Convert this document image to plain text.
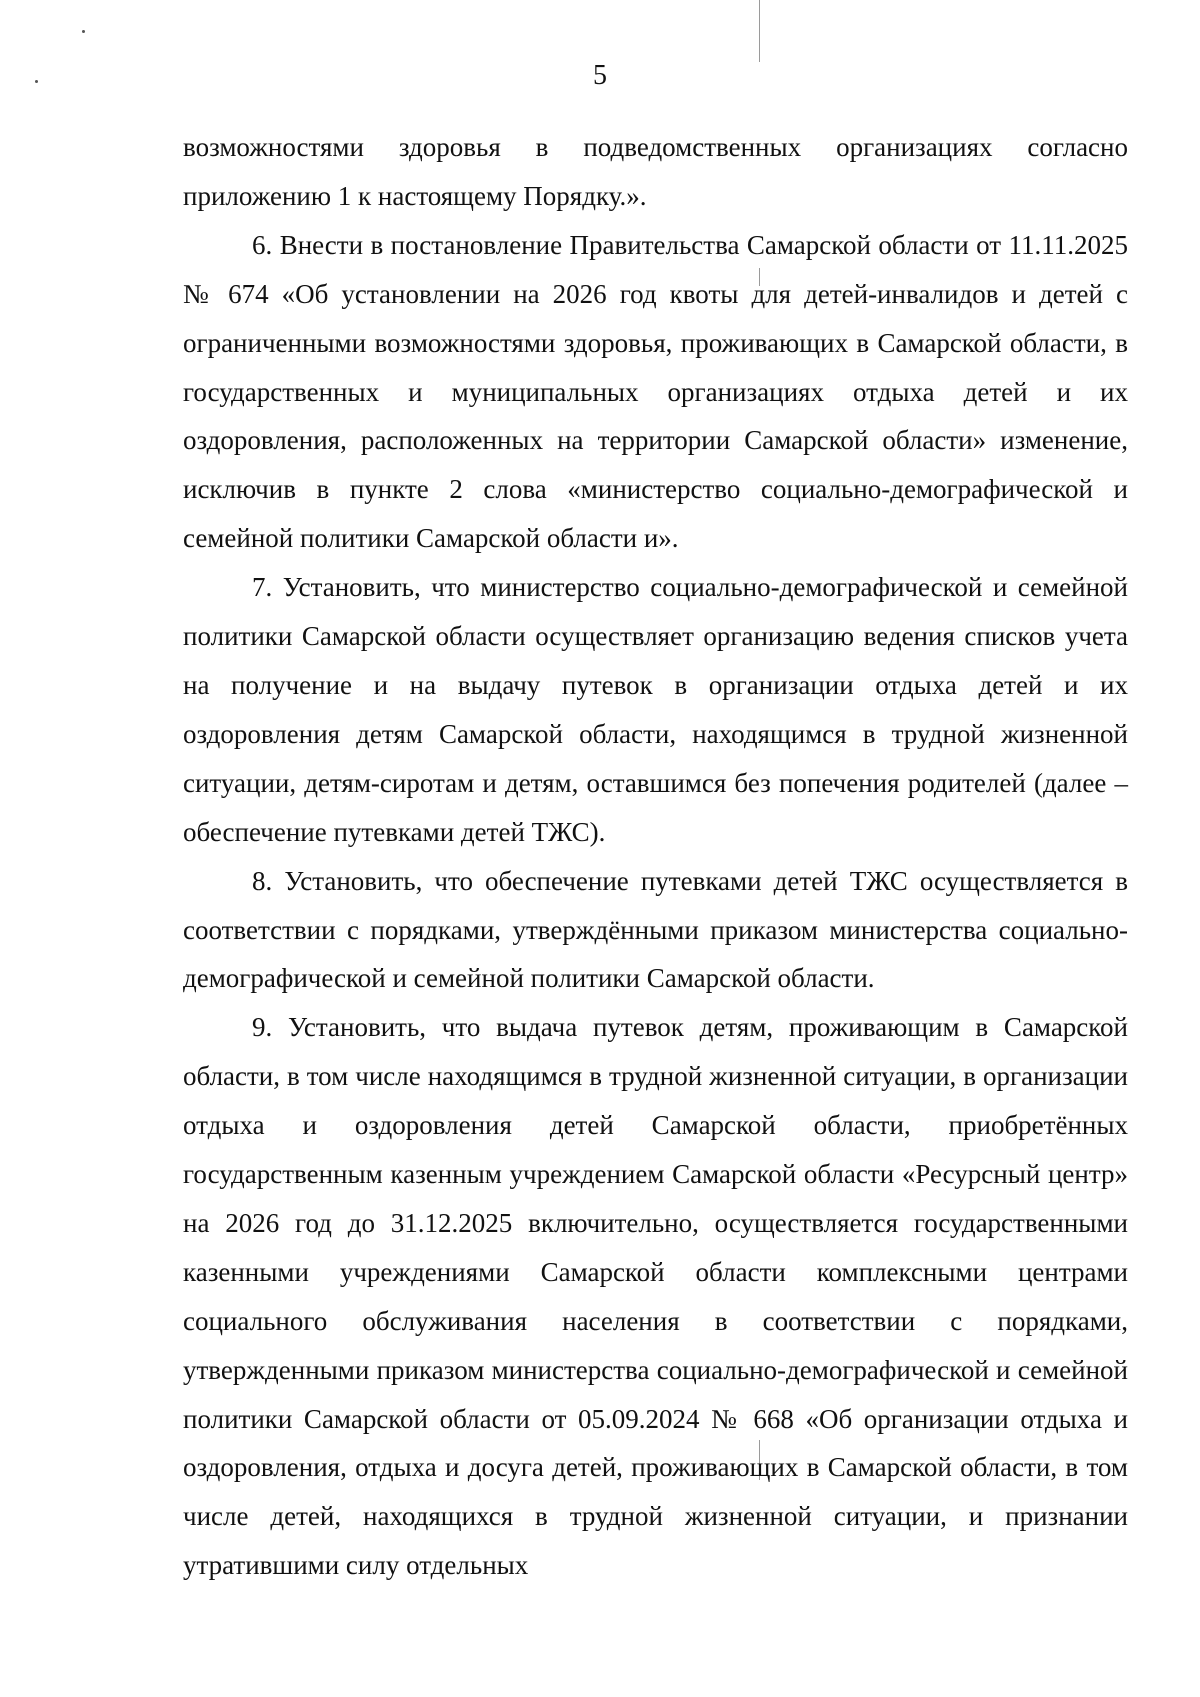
5

возможностями здоровья в подведомственных организациях согласно приложению 1 к настоящему Порядку.».

6. Внести в постановление Правительства Самарской области от 11.11.2025 № 674 «Об установлении на 2026 год квоты для детей-инвалидов и детей с ограниченными возможностями здоровья, проживающих в Самарской области, в государственных и муниципальных организациях отдыха детей и их оздоровления, расположенных на территории Самарской области» изменение, исключив в пункте 2 слова «министерство социально-демографической и семейной политики Самарской области и».

7. Установить, что министерство социально-демографической и семейной политики Самарской области осуществляет организацию ведения списков учета на получение и на выдачу путевок в организации отдыха детей и их оздоровления детям Самарской области, находящимся в трудной жизненной ситуации, детям-сиротам и детям, оставшимся без попечения родителей (далее – обеспечение путевками детей ТЖС).

8. Установить, что обеспечение путевками детей ТЖС осуществляется в соответствии с порядками, утверждёнными приказом министерства социально-демографической и семейной политики Самарской области.

9. Установить, что выдача путевок детям, проживающим в Самарской области, в том числе находящимся в трудной жизненной ситуации, в организации отдыха и оздоровления детей Самарской области, приобретённых государственным казенным учреждением Самарской области «Ресурсный центр» на 2026 год до 31.12.2025 включительно, осуществляется государственными казенными учреждениями Самарской области комплексными центрами социального обслуживания населения в соответствии с порядками, утвержденными приказом министерства социально-демографической и семейной политики Самарской области от 05.09.2024 № 668 «Об организации отдыха и оздоровления, отдыха и досуга детей, проживающих в Самарской области, в том числе детей, находящихся в трудной жизненной ситуации, и признании утратившими силу отдельных
